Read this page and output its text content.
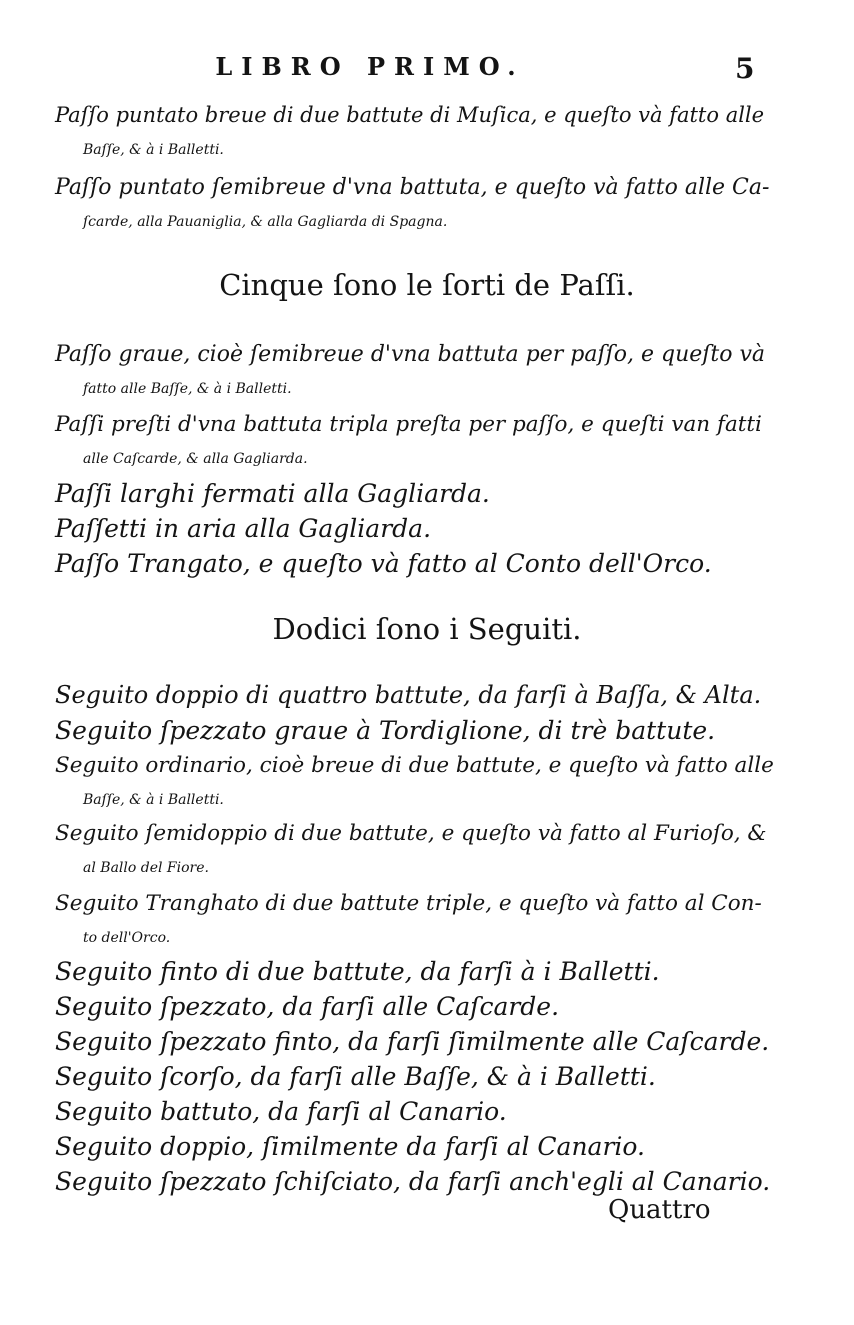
LIBRO PRIMO.	5
Paſſo puntato breue di due battute di Muſica, e queſto và fatto alle
Baſſe, & à i Balletti.
Paſſo puntato ſemibreue d'vna battuta, e queſto và fatto alle Ca-
ſcarde, alla Pauaniglia, & alla Gagliarda di Spagna.
Cinque ſono le ſorti de Paſſi.
Paſſo graue, cioè ſemibreue d'vna battuta per paſſo, e queſto và
fatto alle Baſſe, & à i Balletti.
Paſſi preſti d'vna battuta tripla preſta per paſſo, e queſti van fatti
alle Caſcarde, & alla Gagliarda.
Paſſi larghi fermati alla Gagliarda.
Paſſetti in aria alla Gagliarda.
Paſſo Trangato, e queſto và fatto al Conto dell'Orco.
Dodici ſono i Seguiti.
Seguito doppio di quattro battute, da farſi à Baſſa, & Alta.
Seguito ſpezzato graue à Tordiglione, di trè battute.
Seguito ordinario, cioè breue di due battute, e queſto và fatto alle
Baſſe, & à i Balletti.
Seguito ſemidoppio di due battute, e queſto và fatto al Furioſo, &
al Ballo del Fiore.
Seguito Tranghato di due battute triple, e queſto và fatto al Con-
to dell'Orco.
Seguito finto di due battute, da farſi à i Balletti.
Seguito ſpezzato, da farſi alle Caſcarde.
Seguito ſpezzato finto, da farſi ſimilmente alle Caſcarde.
Seguito ſcorſo, da farſi alle Baſſe, & à i Balletti.
Seguito battuto, da farſi al Canario.
Seguito doppio, ſimilmente da farſi al Canario.
Seguito ſpezzato ſchiſciato, da farſi anch'egli al Canario.
Quattro
